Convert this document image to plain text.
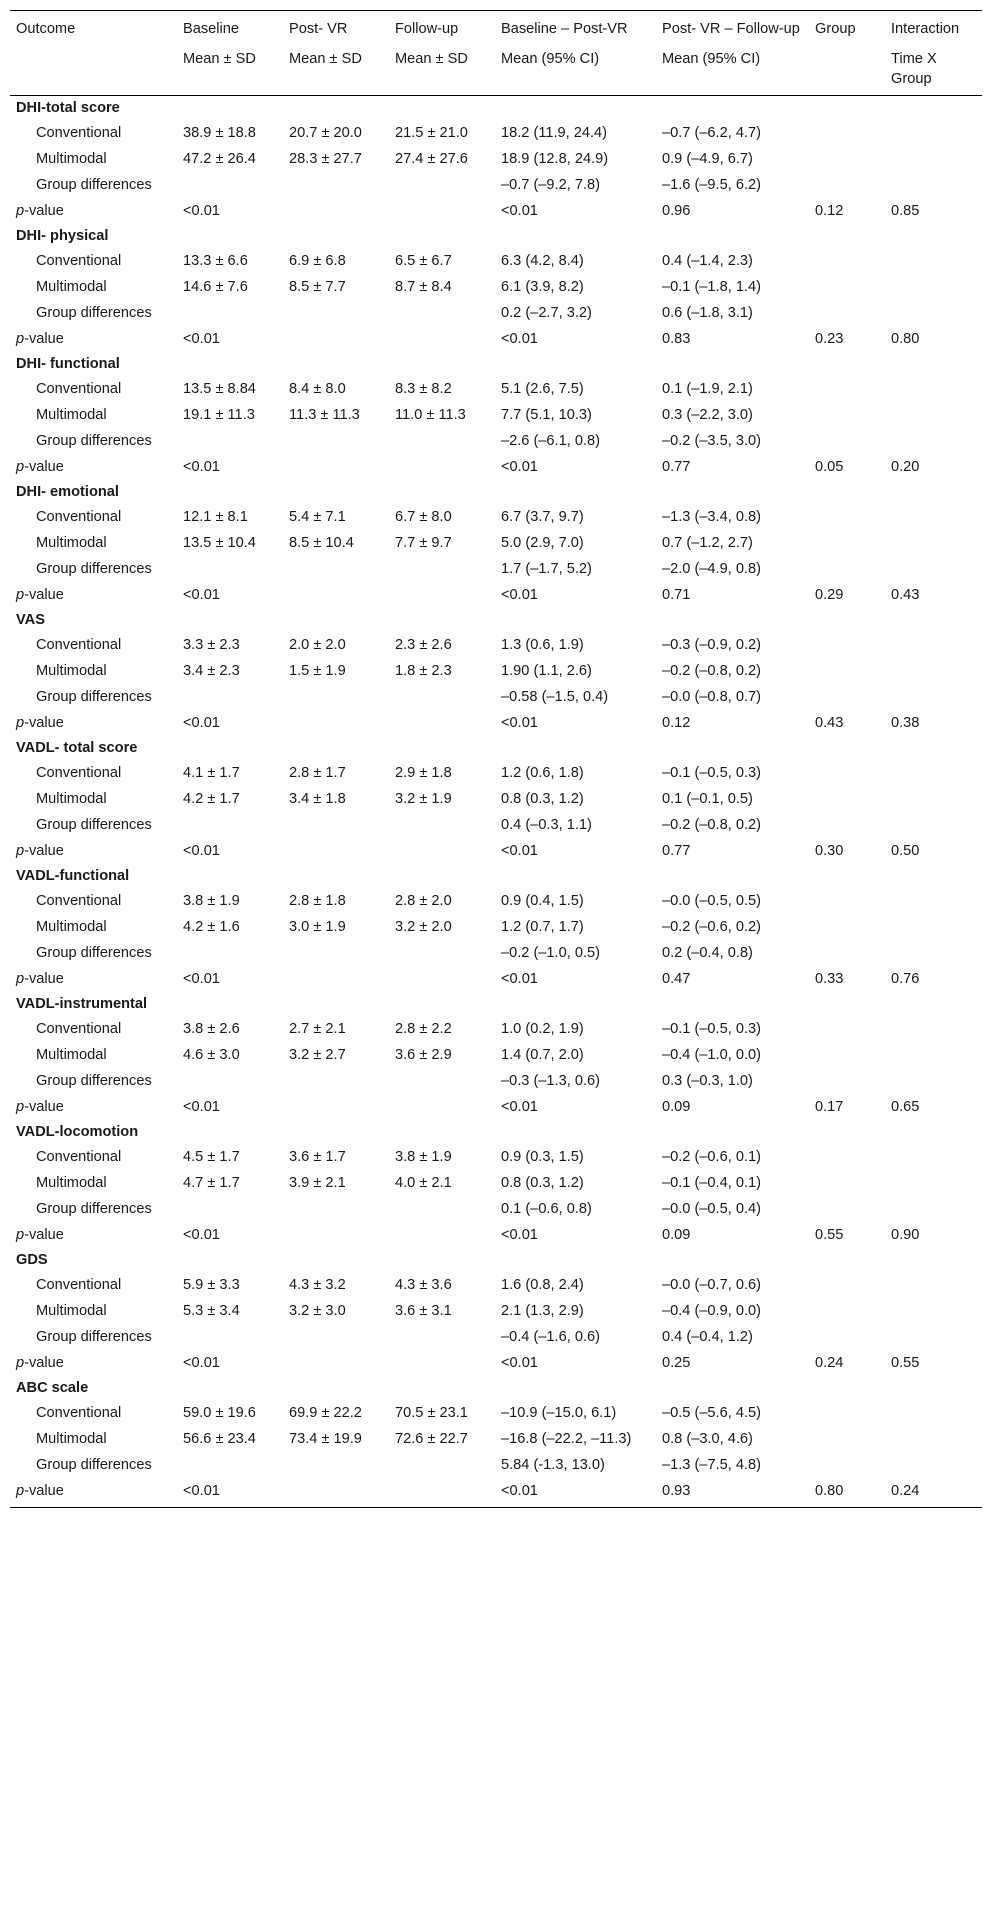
Outcome	Baseline	Post- VR	Follow-up	Baseline – Post-VR	Post- VR – Follow-up	Group	Interaction
	Mean ± SD	Mean ± SD	Mean ± SD	Mean (95% CI)	Mean (95% CI)		Time X Group
DHI-total score							
Conventional	38.9 ± 18.8	20.7 ± 20.0	21.5 ± 21.0	18.2 (11.9, 24.4)	–0.7 (–6.2, 4.7)		
Multimodal	47.2 ± 26.4	28.3 ± 27.7	27.4 ± 27.6	18.9 (12.8, 24.9)	0.9 (–4.9, 6.7)		
Group differences				–0.7 (–9.2, 7.8)	–1.6 (–9.5, 6.2)		
p-value	<0.01			<0.01	0.96	0.12	0.85
DHI- physical							
Conventional	13.3 ± 6.6	6.9 ± 6.8	6.5 ± 6.7	6.3 (4.2, 8.4)	0.4 (–1.4, 2.3)		
Multimodal	14.6 ± 7.6	8.5 ± 7.7	8.7 ± 8.4	6.1 (3.9, 8.2)	–0.1 (–1.8, 1.4)		
Group differences				0.2 (–2.7, 3.2)	0.6 (–1.8, 3.1)		
p-value	<0.01			<0.01	0.83	0.23	0.80
DHI- functional							
Conventional	13.5 ± 8.84	8.4 ± 8.0	8.3 ± 8.2	5.1 (2.6, 7.5)	0.1 (–1.9, 2.1)		
Multimodal	19.1 ± 11.3	11.3 ± 11.3	11.0 ± 11.3	7.7 (5.1, 10.3)	0.3 (–2.2, 3.0)		
Group differences				–2.6 (–6.1, 0.8)	–0.2 (–3.5, 3.0)		
p-value	<0.01			<0.01	0.77	0.05	0.20
DHI- emotional							
Conventional	12.1 ± 8.1	5.4 ± 7.1	6.7 ± 8.0	6.7 (3.7, 9.7)	–1.3 (–3.4, 0.8)		
Multimodal	13.5 ± 10.4	8.5 ± 10.4	7.7 ± 9.7	5.0 (2.9, 7.0)	0.7 (–1.2, 2.7)		
Group differences				1.7 (–1.7, 5.2)	–2.0 (–4.9, 0.8)		
p-value	<0.01			<0.01	0.71	0.29	0.43
VAS							
Conventional	3.3 ± 2.3	2.0 ± 2.0	2.3 ± 2.6	1.3 (0.6, 1.9)	–0.3 (–0.9, 0.2)		
Multimodal	3.4 ± 2.3	1.5 ± 1.9	1.8 ± 2.3	1.90 (1.1, 2.6)	–0.2 (–0.8, 0.2)		
Group differences				–0.58 (–1.5, 0.4)	–0.0 (–0.8, 0.7)		
p-value	<0.01			<0.01	0.12	0.43	0.38
VADL- total score							
Conventional	4.1 ± 1.7	2.8 ± 1.7	2.9 ± 1.8	1.2 (0.6, 1.8)	–0.1 (–0.5, 0.3)		
Multimodal	4.2 ± 1.7	3.4 ± 1.8	3.2 ± 1.9	0.8 (0.3, 1.2)	0.1 (–0.1, 0.5)		
Group differences				0.4 (–0.3, 1.1)	–0.2 (–0.8, 0.2)		
p-value	<0.01			<0.01	0.77	0.30	0.50
VADL-functional							
Conventional	3.8 ± 1.9	2.8 ± 1.8	2.8 ± 2.0	0.9 (0.4, 1.5)	–0.0 (–0.5, 0.5)		
Multimodal	4.2 ± 1.6	3.0 ± 1.9	3.2 ± 2.0	1.2 (0.7, 1.7)	–0.2 (–0.6, 0.2)		
Group differences				–0.2 (–1.0, 0.5)	0.2 (–0.4, 0.8)		
p-value	<0.01			<0.01	0.47	0.33	0.76
VADL-instrumental							
Conventional	3.8 ± 2.6	2.7 ± 2.1	2.8 ± 2.2	1.0 (0.2, 1.9)	–0.1 (–0.5, 0.3)		
Multimodal	4.6 ± 3.0	3.2 ± 2.7	3.6 ± 2.9	1.4 (0.7, 2.0)	–0.4 (–1.0, 0.0)		
Group differences				–0.3 (–1.3, 0.6)	0.3 (–0.3, 1.0)		
p-value	<0.01			<0.01	0.09	0.17	0.65
VADL-locomotion							
Conventional	4.5 ± 1.7	3.6 ± 1.7	3.8 ± 1.9	0.9 (0.3, 1.5)	–0.2 (–0.6, 0.1)		
Multimodal	4.7 ± 1.7	3.9 ± 2.1	4.0 ± 2.1	0.8 (0.3, 1.2)	–0.1 (–0.4, 0.1)		
Group differences				0.1 (–0.6, 0.8)	–0.0 (–0.5, 0.4)		
p-value	<0.01			<0.01	0.09	0.55	0.90
GDS							
Conventional	5.9 ± 3.3	4.3 ± 3.2	4.3 ± 3.6	1.6 (0.8, 2.4)	–0.0 (–0.7, 0.6)		
Multimodal	5.3 ± 3.4	3.2 ± 3.0	3.6 ± 3.1	2.1 (1.3, 2.9)	–0.4 (–0.9, 0.0)		
Group differences				–0.4 (–1.6, 0.6)	0.4 (–0.4, 1.2)		
p-value	<0.01			<0.01	0.25	0.24	0.55
ABC scale							
Conventional	59.0 ± 19.6	69.9 ± 22.2	70.5 ± 23.1	–10.9 (–15.0, 6.1)	–0.5 (–5.6, 4.5)		
Multimodal	56.6 ± 23.4	73.4 ± 19.9	72.6 ± 22.7	–16.8 (–22.2, –11.3)	0.8 (–3.0, 4.6)		
Group differences				5.84 (-1.3, 13.0)	–1.3 (–7.5, 4.8)		
p-value	<0.01			<0.01	0.93	0.80	0.24
